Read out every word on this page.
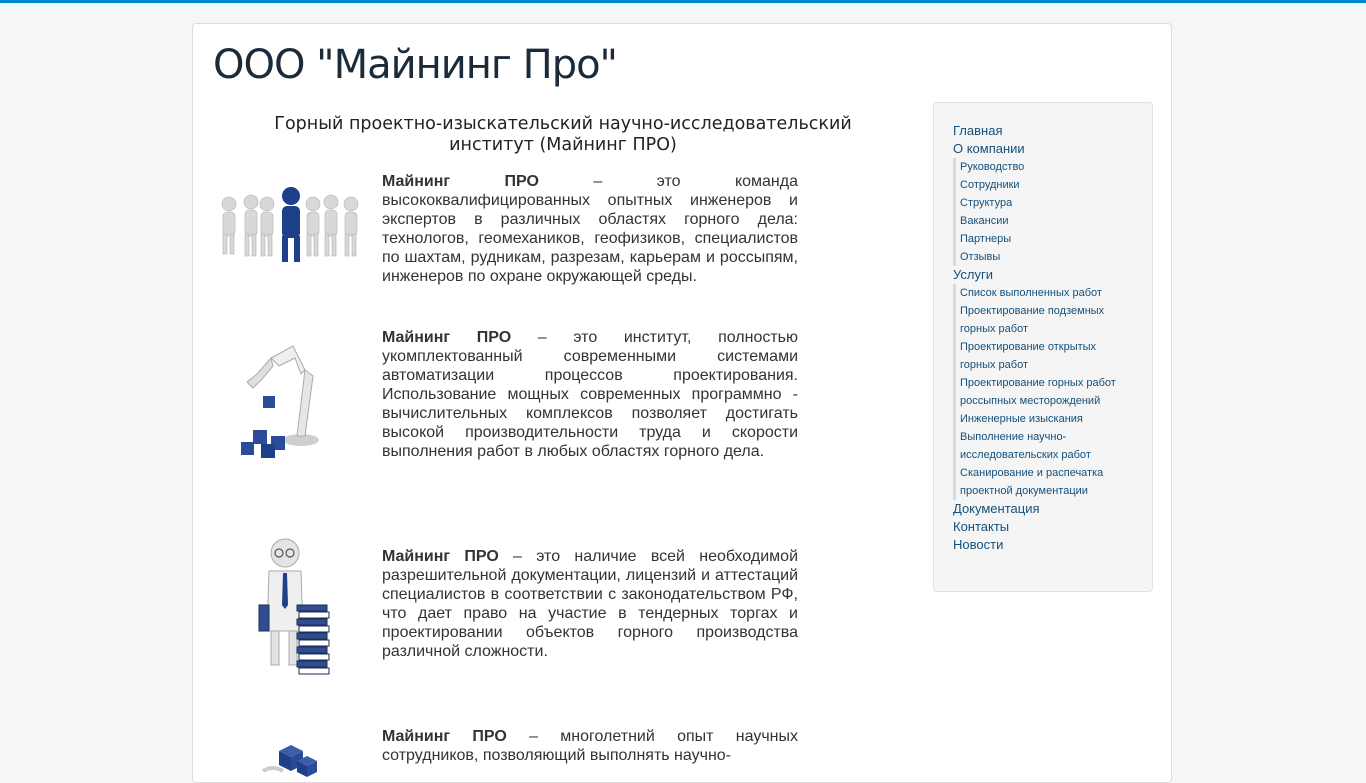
ООО "Майнинг Про"
Горный проектно-изыскательский научно-исследовательский институт (Майнинг ПРО)

Майнинг ПРО – это команда высококвалифицированных опытных инженеров и экспертов в различных областях горного дела: технологов, геомехаников, геофизиков, специалистов по шахтам, рудникам, разрезам, карьерам и россыпям, инженеров по охране окружающей среды.

Майнинг ПРО – это институт, полностью укомплектованный современными системами автоматизации процессов проектирования. Использование мощных современных программно - вычислительных комплексов позволяет достигать высокой производительности труда и скорости выполнения работ в любых областях горного дела.

Майнинг ПРО – это наличие всей необходимой разрешительной документации, лицензий и аттестаций специалистов в соответствии с законодательством РФ, что дает право на участие в тендерных торгах и проектировании объектов горного производства различной сложности.

Майнинг ПРО – многолетний опыт научных сотрудников, позволяющий выполнять научно-

Главная
О компании
Руководство
Сотрудники
Структура
Вакансии
Партнеры
Отзывы
Услуги
Список выполненных работ
Проектирование подземных
горных работ
Проектирование открытых
горных работ
Проектирование горных работ
россыпных месторождений
Инженерные изыскания
Выполнение научно-
исследовательских работ
Сканирование и распечатка
проектной документации
Документация
Контакты
Новости
